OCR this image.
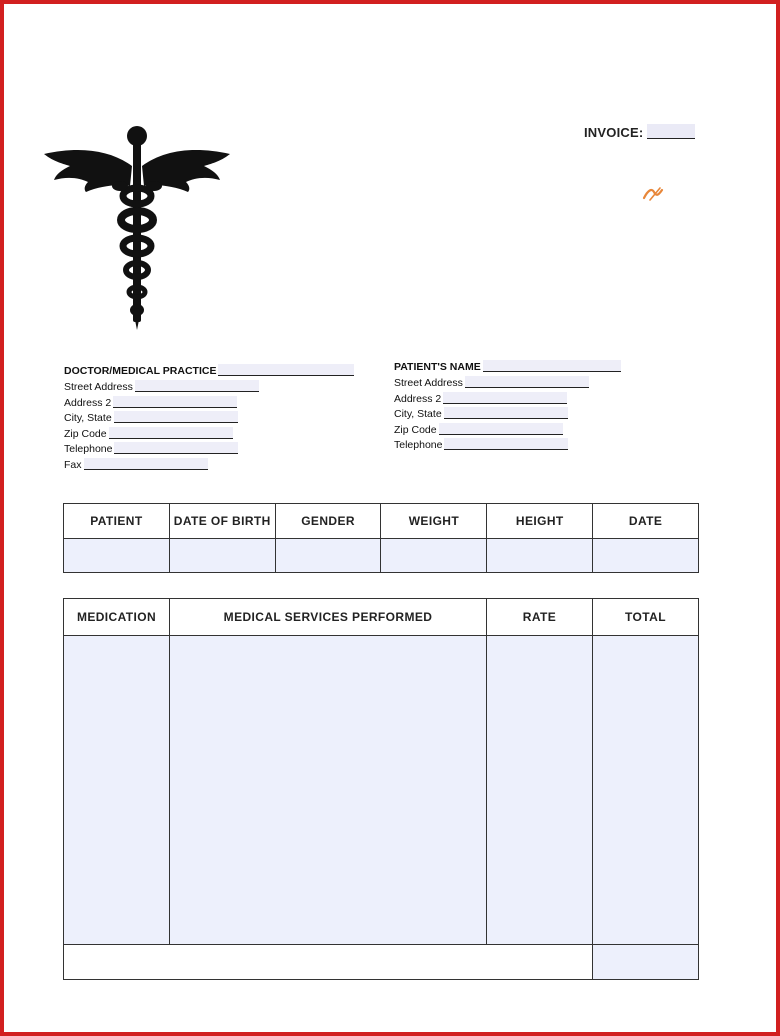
INVOICE:
DOCTOR/MEDICAL PRACTICE
Street Address
Address 2
City, State
Zip Code
Telephone
Fax
PATIENT'S NAME
Street Address
Address 2
City, State
Zip Code
Telephone
PATIENT	DATE OF BIRTH	GENDER	WEIGHT	HEIGHT	DATE

MEDICATION	MEDICAL SERVICES PERFORMED	RATE	TOTAL
